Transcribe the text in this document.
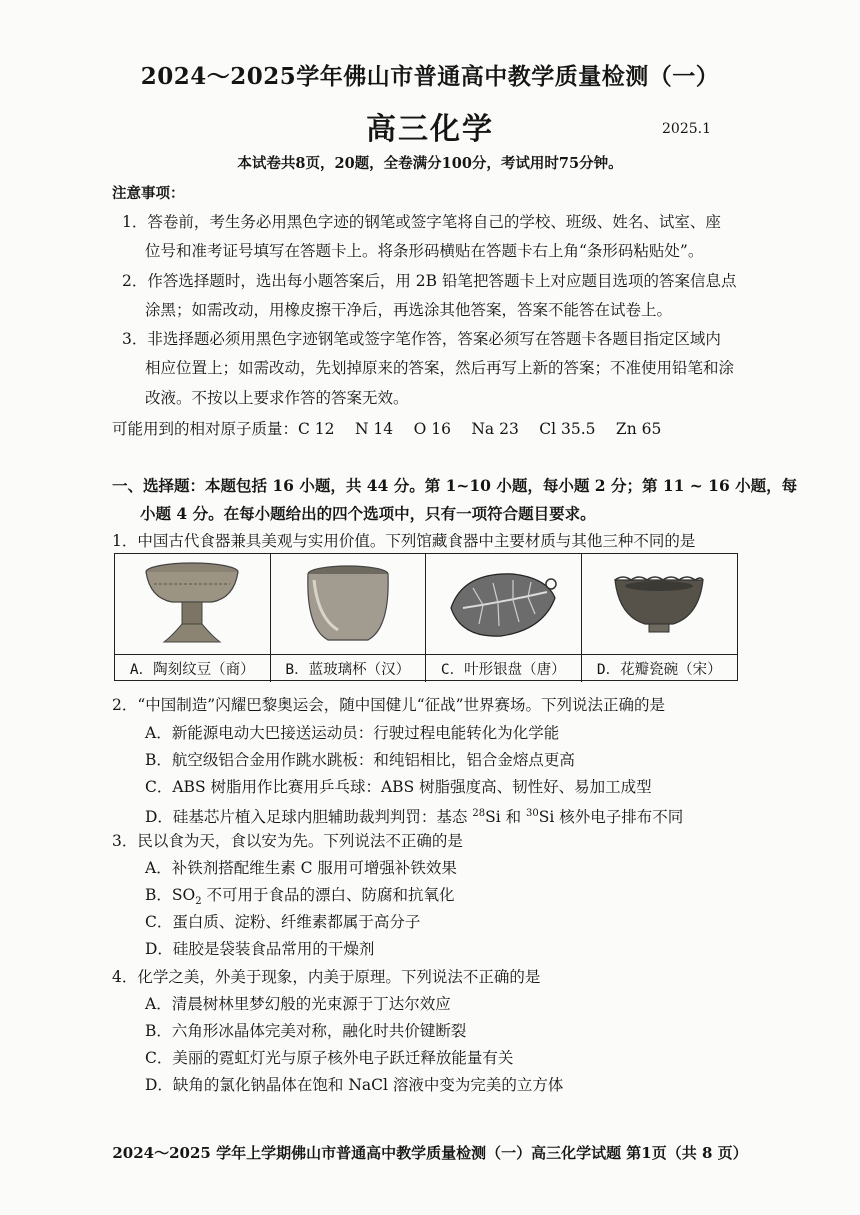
2024～2025学年佛山市普通高中教学质量检测（一）
高三化学	2025.1
本试卷共8页，20题，全卷满分100分，考试用时75分钟。
注意事项：
1．答卷前，考生务必用黑色字迹的钢笔或签字笔将自己的学校、班级、姓名、试室、座
位号和准考证号填写在答题卡上。将条形码横贴在答题卡右上角“条形码粘贴处”。
2．作答选择题时，选出每小题答案后，用 2B 铅笔把答题卡上对应题目选项的答案信息点
涂黑；如需改动，用橡皮擦干净后，再选涂其他答案，答案不能答在试卷上。
3．非选择题必须用黑色字迹钢笔或签字笔作答，答案必须写在答题卡各题目指定区域内
相应位置上；如需改动，先划掉原来的答案，然后再写上新的答案；不准使用铅笔和涂
改液。不按以上要求作答的答案无效。
可能用到的相对原子质量：C 12　 N 14　 O 16　 Na 23　 Cl 35.5　 Zn 65
一、选择题：本题包括 16 小题，共 44 分。第 1~10 小题，每小题 2 分；第 11 ~ 16 小题，每
小题 4 分。在每小题给出的四个选项中，只有一项符合题目要求。
1．中国古代食器兼具美观与实用价值。下列馆藏食器中主要材质与其他三种不同的是
A．陶刻纹豆（商）	B．蓝玻璃杯（汉）	C．叶形银盘（唐）	D．花瓣瓷碗（宋）
2．“中国制造”闪耀巴黎奥运会，随中国健儿“征战”世界赛场。下列说法正确的是
A．新能源电动大巴接送运动员：行驶过程电能转化为化学能
B．航空级铝合金用作跳水跳板：和纯铝相比，铝合金熔点更高
C．ABS 树脂用作比赛用乒乓球：ABS 树脂强度高、韧性好、易加工成型
D．硅基芯片植入足球内胆辅助裁判判罚：基态 $^{28}$Si 和 $^{30}$Si 核外电子排布不同
3．民以食为天，食以安为先。下列说法不正确的是
A．补铁剂搭配维生素 C 服用可增强补铁效果
B．$SO_2$ 不可用于食品的漂白、防腐和抗氧化
C．蛋白质、淀粉、纤维素都属于高分子
D．硅胶是袋装食品常用的干燥剂
4．化学之美，外美于现象，内美于原理。下列说法不正确的是
A．清晨树林里梦幻般的光束源于丁达尔效应
B．六角形冰晶体完美对称，融化时共价键断裂
C．美丽的霓虹灯光与原子核外电子跃迁释放能量有关
D．缺角的氯化钠晶体在饱和 NaCl 溶液中变为完美的立方体
2024～2025 学年上学期佛山市普通高中教学质量检测（一）高三化学试题 第1页（共 8 页）
